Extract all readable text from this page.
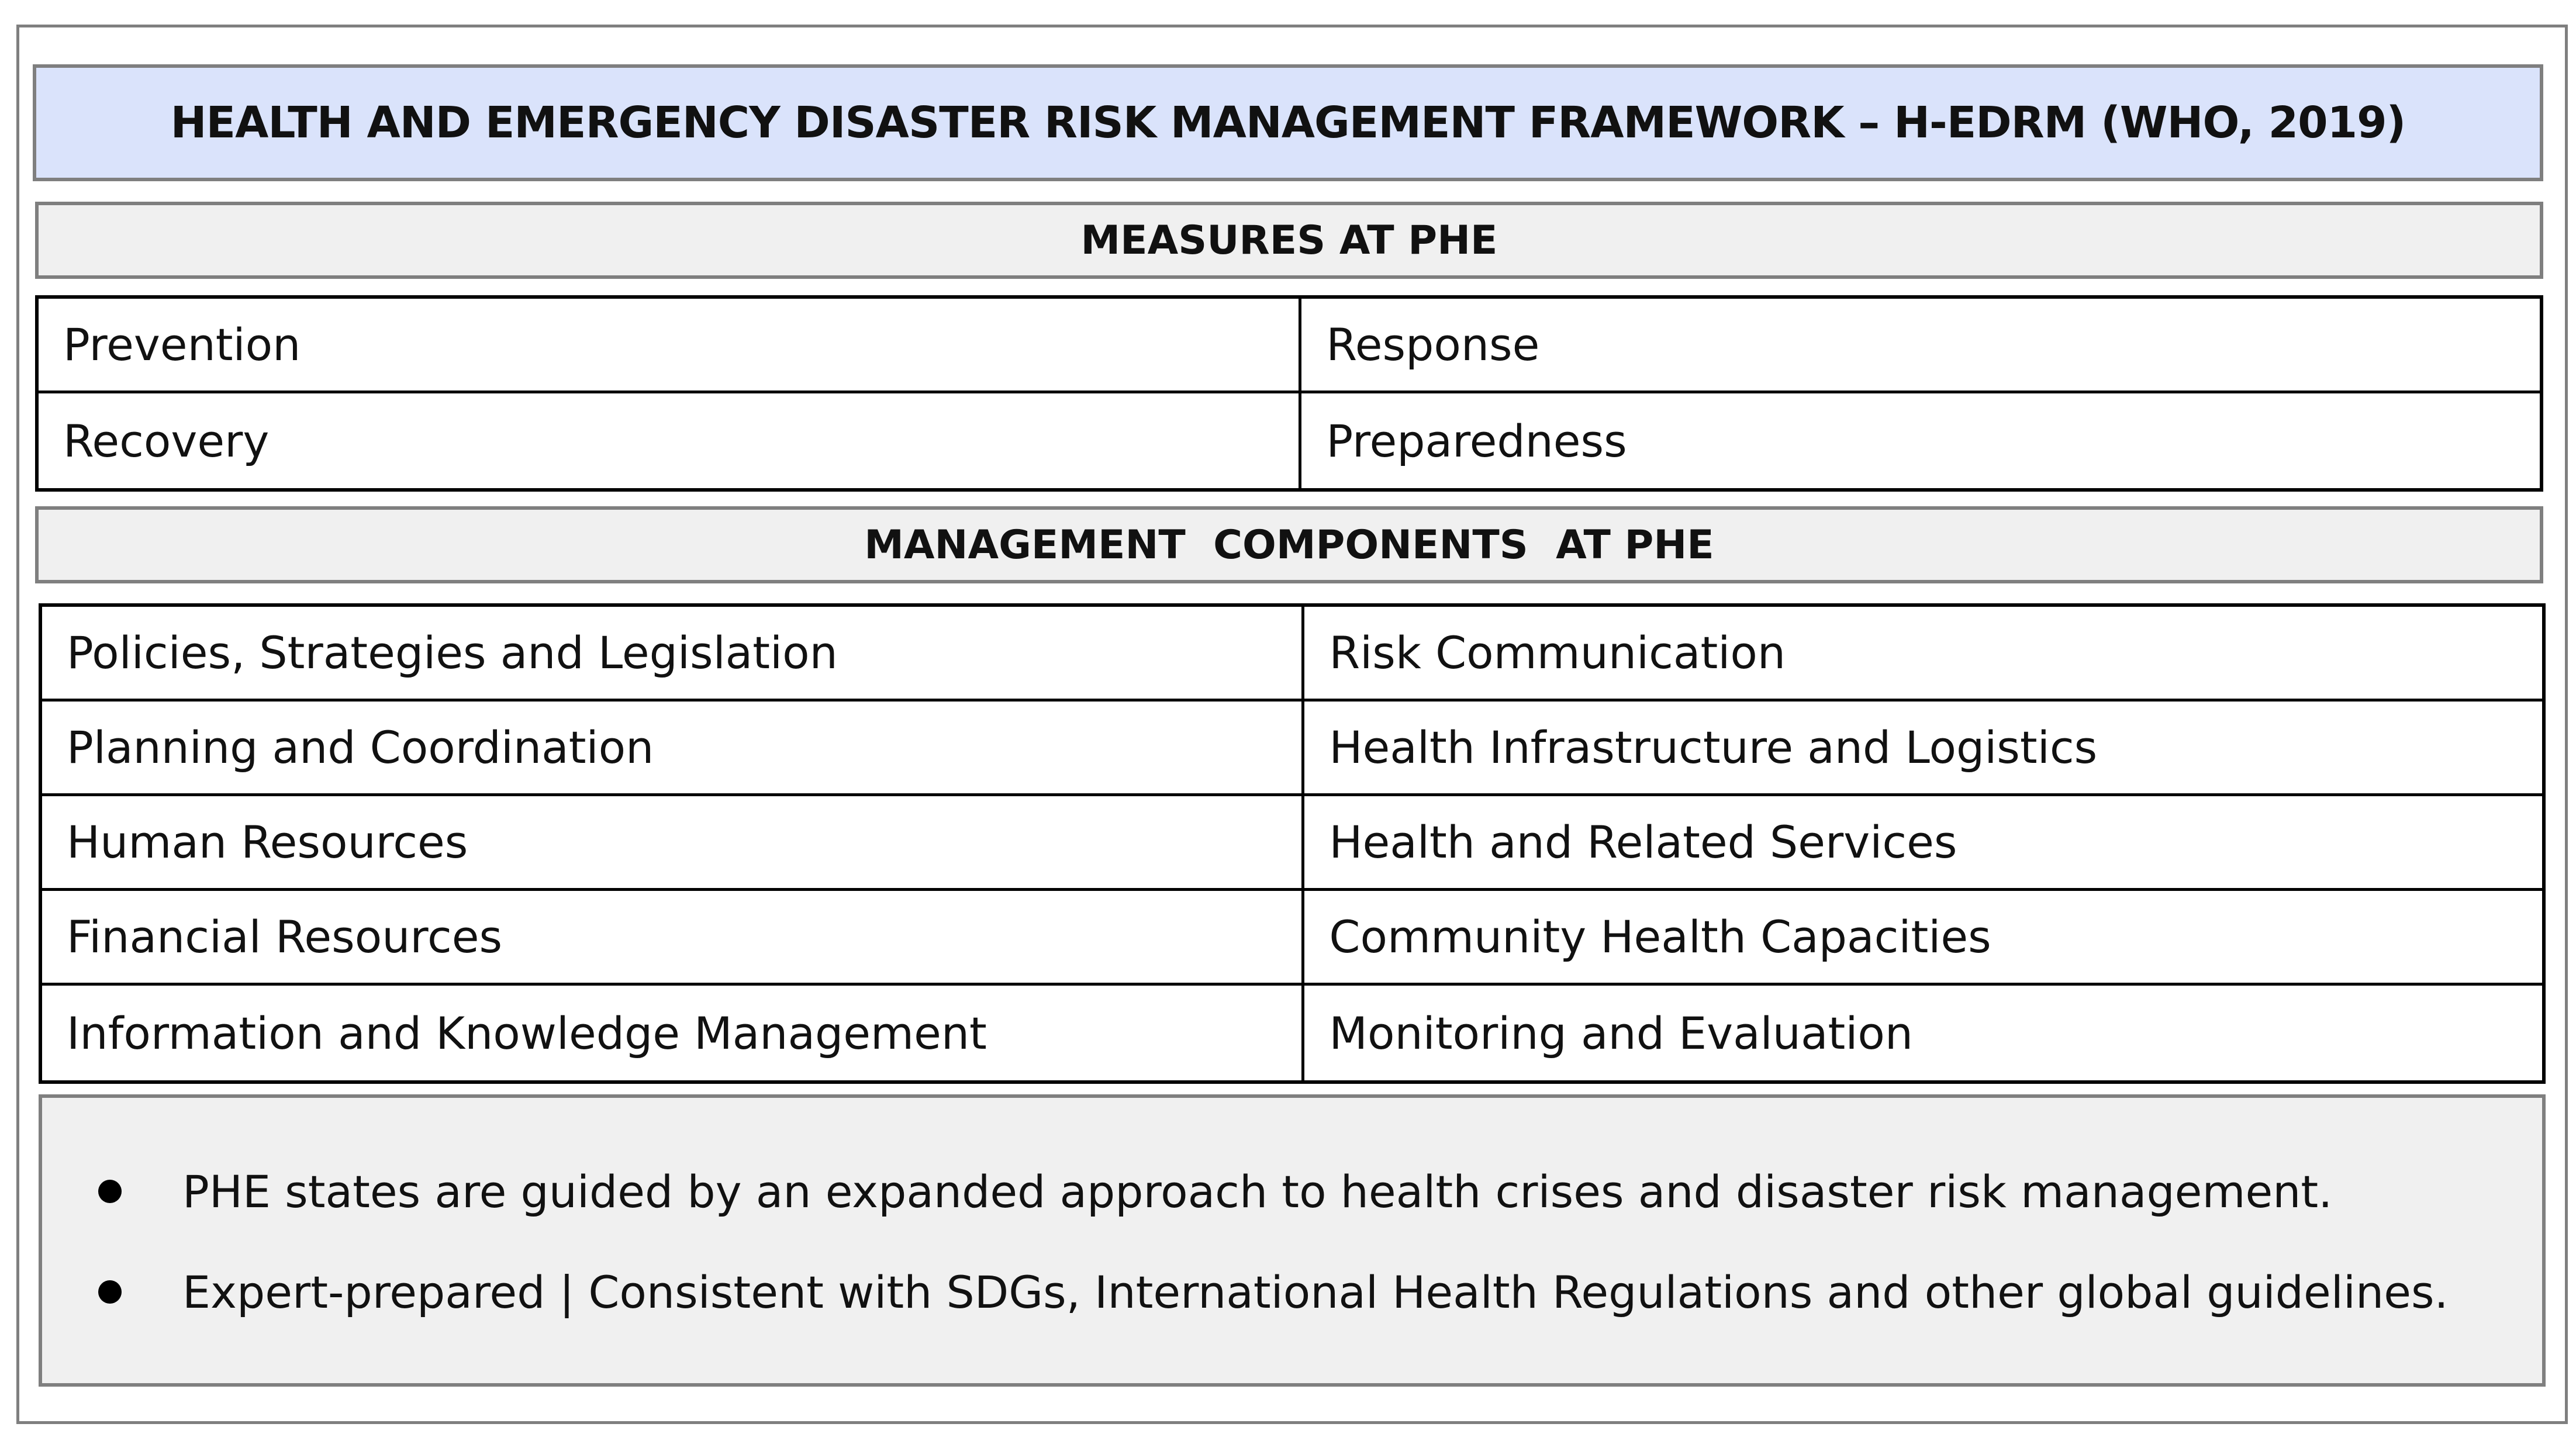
HEALTH AND EMERGENCY DISASTER RISK MANAGEMENT FRAMEWORK – H-EDRM (WHO, 2019)
MEASURES AT PHE
Prevention	Response
Recovery	Preparedness
MANAGEMENT  COMPONENTS  AT PHE
Policies, Strategies and Legislation	Risk Communication
Planning and Coordination	Health Infrastructure and Logistics
Human Resources	Health and Related Services
Financial Resources	Community Health Capacities
Information and Knowledge Management	Monitoring and Evaluation
PHE states are guided by an expanded approach to health crises and disaster risk management.
Expert-prepared | Consistent with SDGs, International Health Regulations and other global guidelines.
